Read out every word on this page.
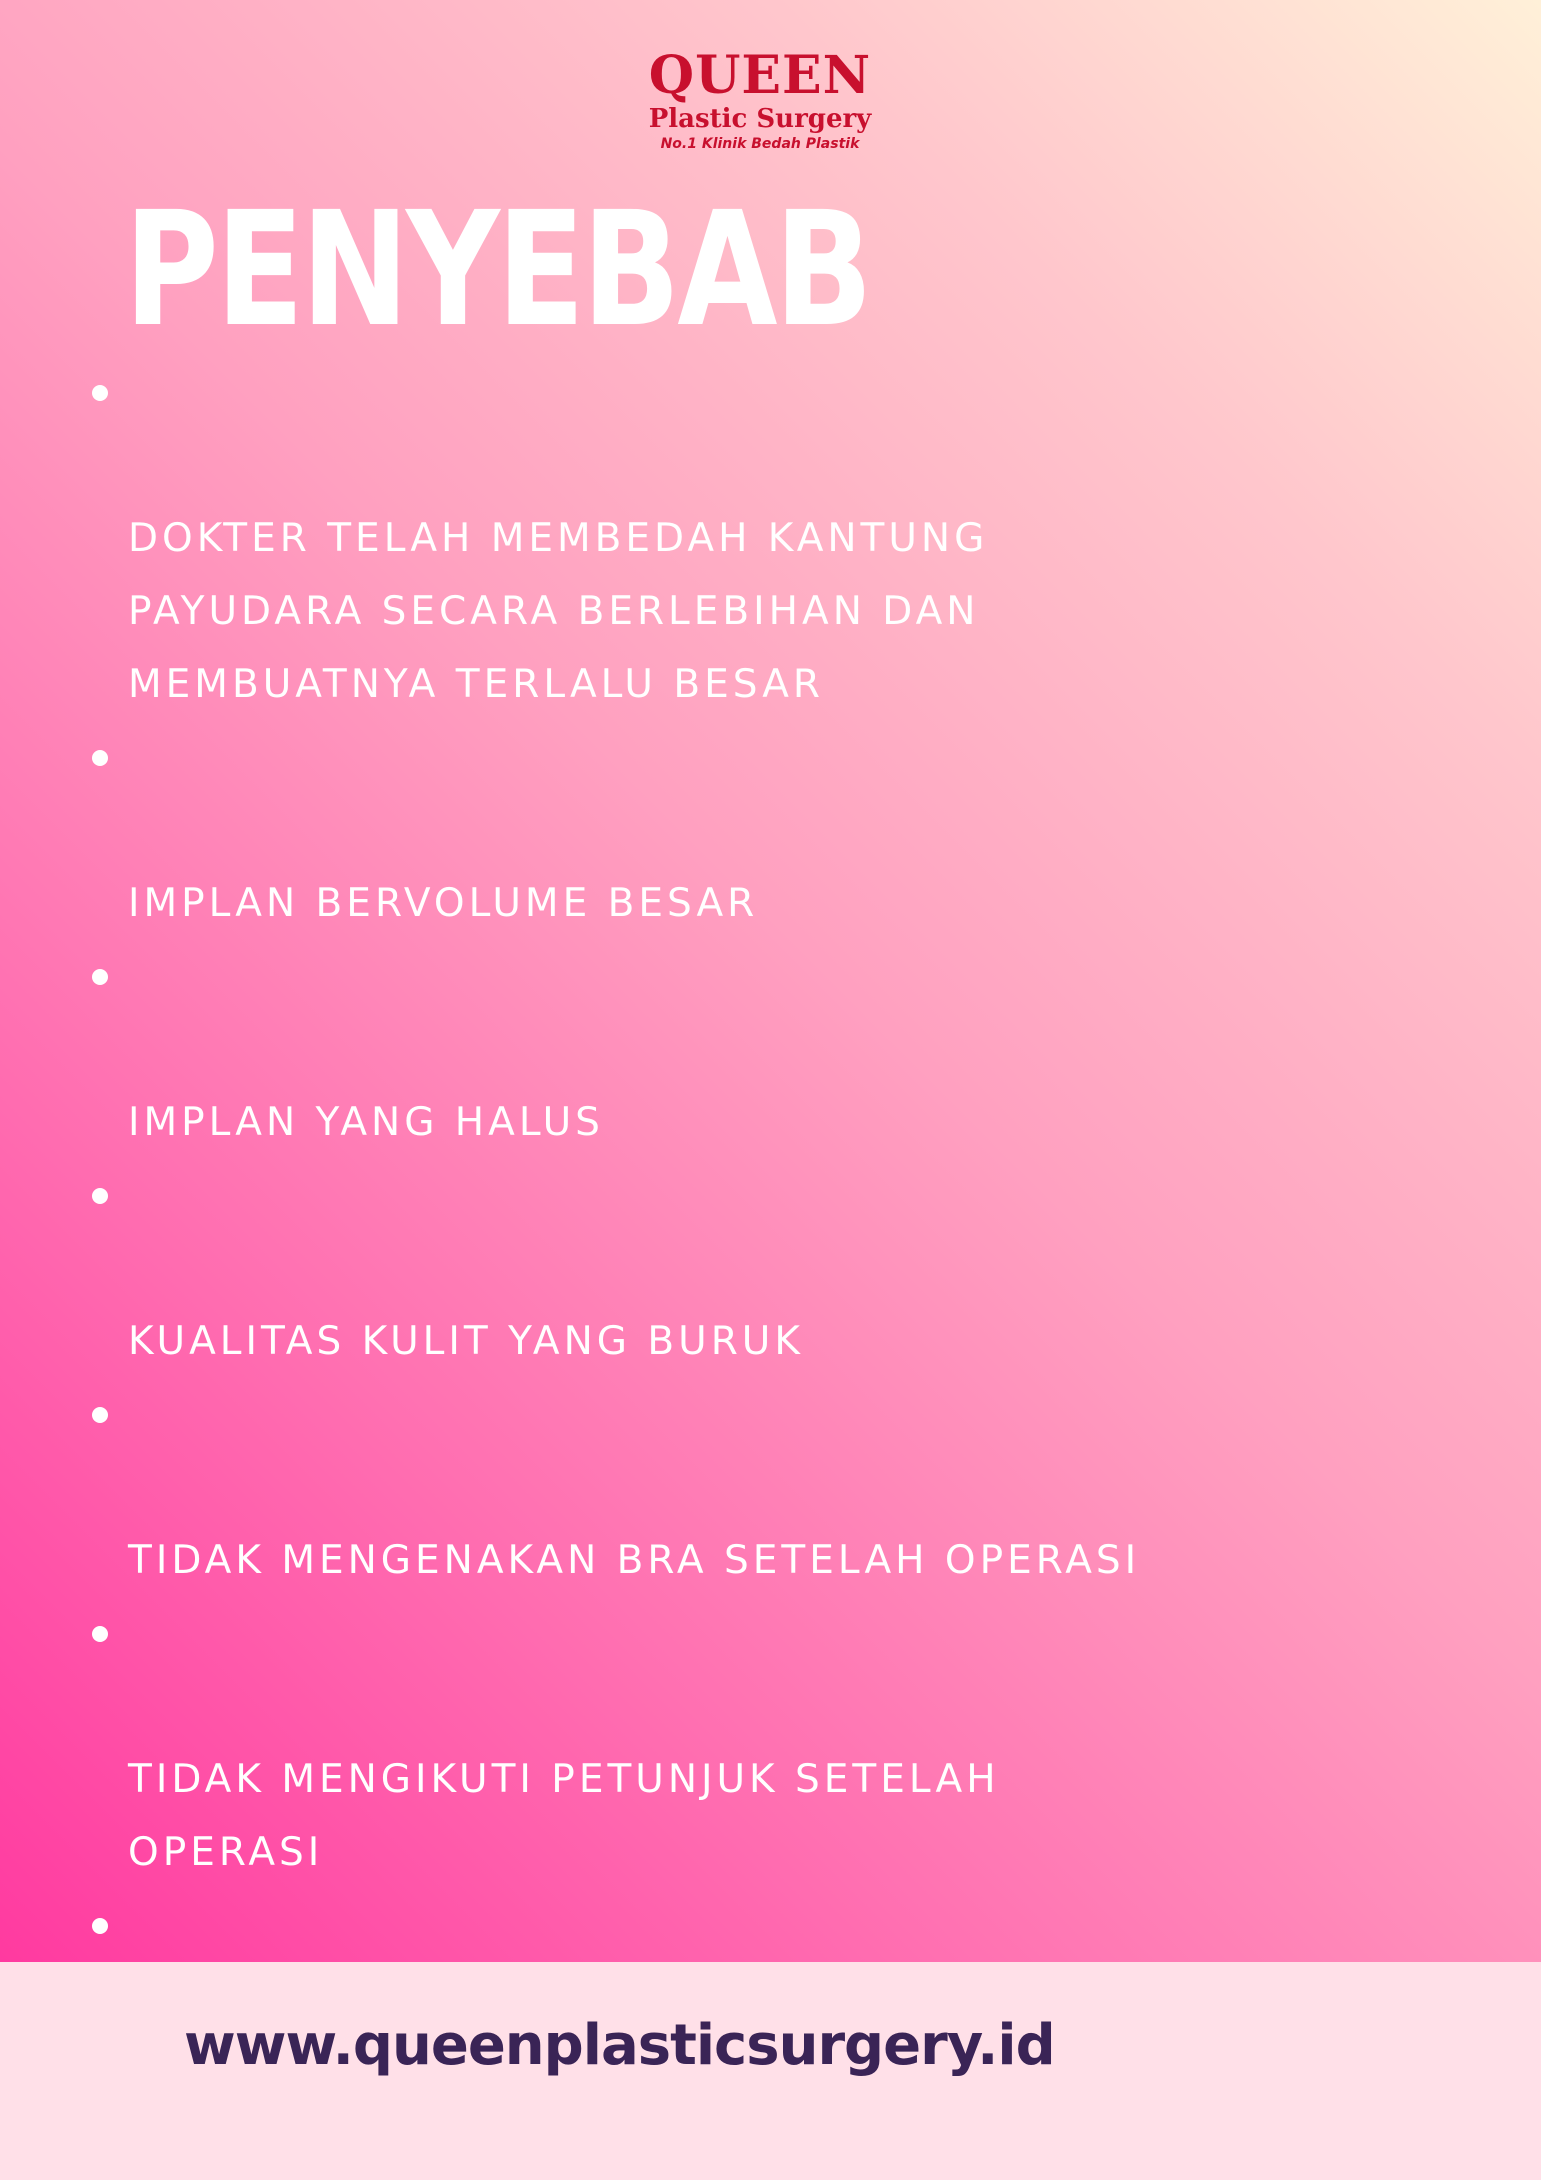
QUEEN
Plastic Surgery
No.1 Klinik Bedah Plastik
PENYEBAB

DOKTER TELAH MEMBEDAH KANTUNG
PAYUDARA SECARA BERLEBIHAN DAN
MEMBUATNYA TERLALU BESAR

IMPLAN BERVOLUME BESAR

IMPLAN YANG HALUS

KUALITAS KULIT YANG BURUK

TIDAK MENGENAKAN BRA SETELAH OPERASI

TIDAK MENGIKUTI PETUNJUK SETELAH
OPERASI

www.queenplasticsurgery.id
